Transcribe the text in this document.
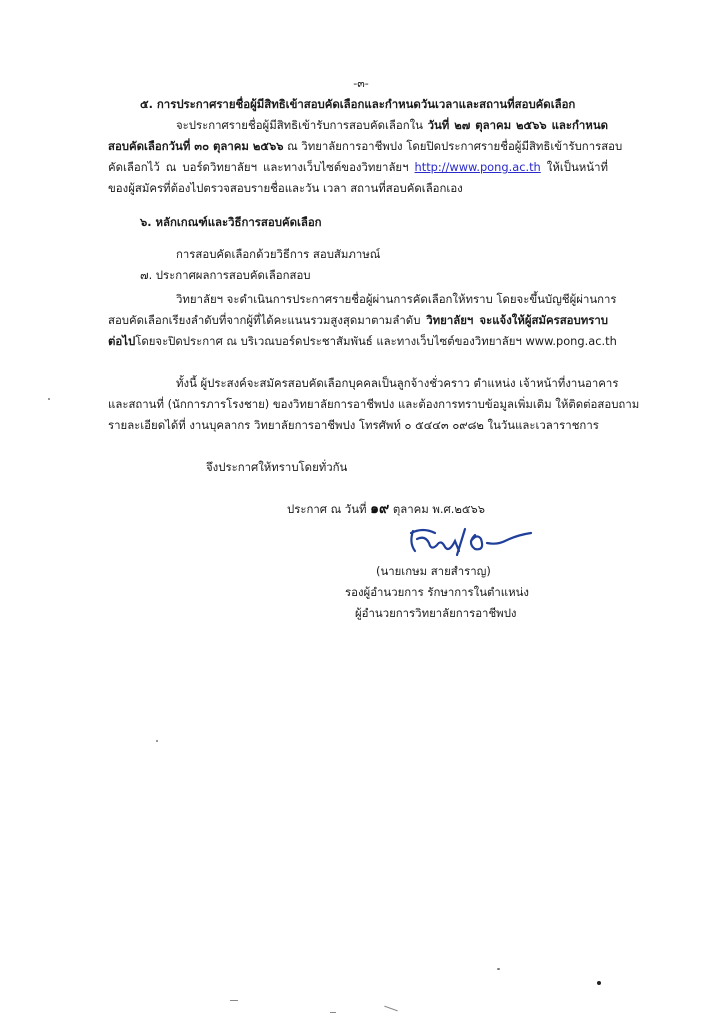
-๓-
๕. การประกาศรายชื่อผู้มีสิทธิเข้าสอบคัดเลือกและกำหนดวันเวลาและสถานที่สอบคัดเลือก
จะประกาศรายชื่อผู้มีสิทธิเข้ารับการสอบคัดเลือกใน วันที่ ๒๗ ตุลาคม ๒๕๖๖ และกำหนด
สอบคัดเลือกวันที่ ๓๐ ตุลาคม ๒๕๖๖ ณ วิทยาลัยการอาชีพปง โดยปิดประกาศรายชื่อผู้มีสิทธิเข้ารับการสอบ
คัดเลือกไว้ ณ บอร์ดวิทยาลัยฯ และทางเว็บไซต์ของวิทยาลัยฯ http://www.pong.ac.th ให้เป็นหน้าที่
ของผู้สมัครที่ต้องไปตรวจสอบรายชื่อและวัน เวลา สถานที่สอบคัดเลือกเอง
๖. หลักเกณฑ์และวิธีการสอบคัดเลือก
การสอบคัดเลือกด้วยวิธีการ สอบสัมภาษณ์
๗. ประกาศผลการสอบคัดเลือกสอบ
วิทยาลัยฯ จะดำเนินการประกาศรายชื่อผู้ผ่านการคัดเลือกให้ทราบ โดยจะขึ้นบัญชีผู้ผ่านการ
สอบคัดเลือกเรียงลำดับที่จากผู้ที่ได้คะแนนรวมสูงสุดมาตามลำดับ วิทยาลัยฯ จะแจ้งให้ผู้สมัครสอบทราบ
ต่อไปโดยจะปิดประกาศ ณ บริเวณบอร์ดประชาสัมพันธ์ และทางเว็บไซต์ของวิทยาลัยฯ www.pong.ac.th
ทั้งนี้ ผู้ประสงค์จะสมัครสอบคัดเลือกบุคคลเป็นลูกจ้างชั่วคราว ตำแหน่ง เจ้าหน้าที่งานอาคาร
และสถานที่ (นักการภารโรงชาย) ของวิทยาลัยการอาชีพปง และต้องการทราบข้อมูลเพิ่มเติม ให้ติดต่อสอบถาม
รายละเอียดได้ที่ งานบุคลากร วิทยาลัยการอาชีพปง โทรศัพท์ ๐ ๕๔๔๓ ๐๙๘๒ ในวันและเวลาราชการ
จึงประกาศให้ทราบโดยทั่วกัน
ประกาศ ณ วันที่ ๑๙ ตุลาคม พ.ศ.๒๕๖๖
(นายเกษม สายสำราญ)
รองผู้อำนวยการ รักษาการในตำแหน่ง
ผู้อำนวยการวิทยาลัยการอาชีพปง
